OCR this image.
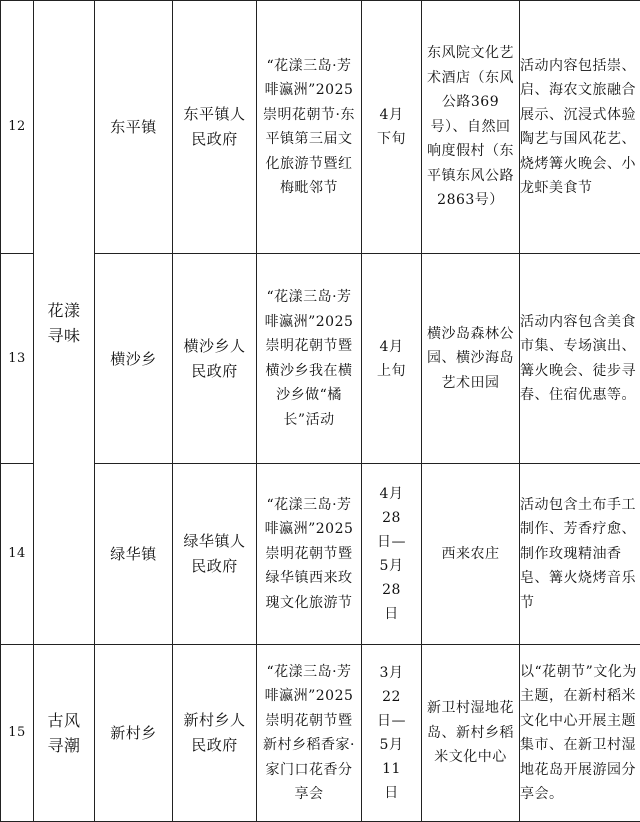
12	花漾寻味	东平镇	东平镇人民政府	“花漾三岛·芳啡瀛洲”2025崇明花朝节·东平镇第三届文化旅游节暨红梅毗邻节	4月下旬	东风院文化艺术酒店（东风公路369号）、自然回响度假村（东平镇东风公路2863号）	活动内容包括崇、启、海农文旅融合展示、沉浸式体验陶艺与国风花艺、烧烤篝火晚会、小龙虾美食节

13		横沙乡	横沙乡人民政府	“花漾三岛·芳啡瀛洲”2025崇明花朝节暨横沙乡我在横沙乡做“橘长”活动	4月上旬	横沙岛森林公园、横沙海岛艺术田园	活动内容包含美食市集、专场演出、篝火晚会、徒步寻春、住宿优惠等。

14		绿华镇	绿华镇人民政府	“花漾三岛·芳啡瀛洲”2025崇明花朝节暨绿华镇西来玫瑰文化旅游节	4月28日—5月28日	西来农庄	活动包含土布手工制作、芳香疗愈、制作玫瑰精油香皂、篝火烧烤音乐节

15	古风寻潮	新村乡	新村乡人民政府	“花漾三岛·芳啡瀛洲”2025崇明花朝节暨新村乡稻香家·家门口花香分享会	3月22日—5月11日	新卫村湿地花岛、新村乡稻米文化中心	以“花朝节”文化为主题，在新村稻米文化中心开展主题集市、在新卫村湿地花岛开展游园分享会。
